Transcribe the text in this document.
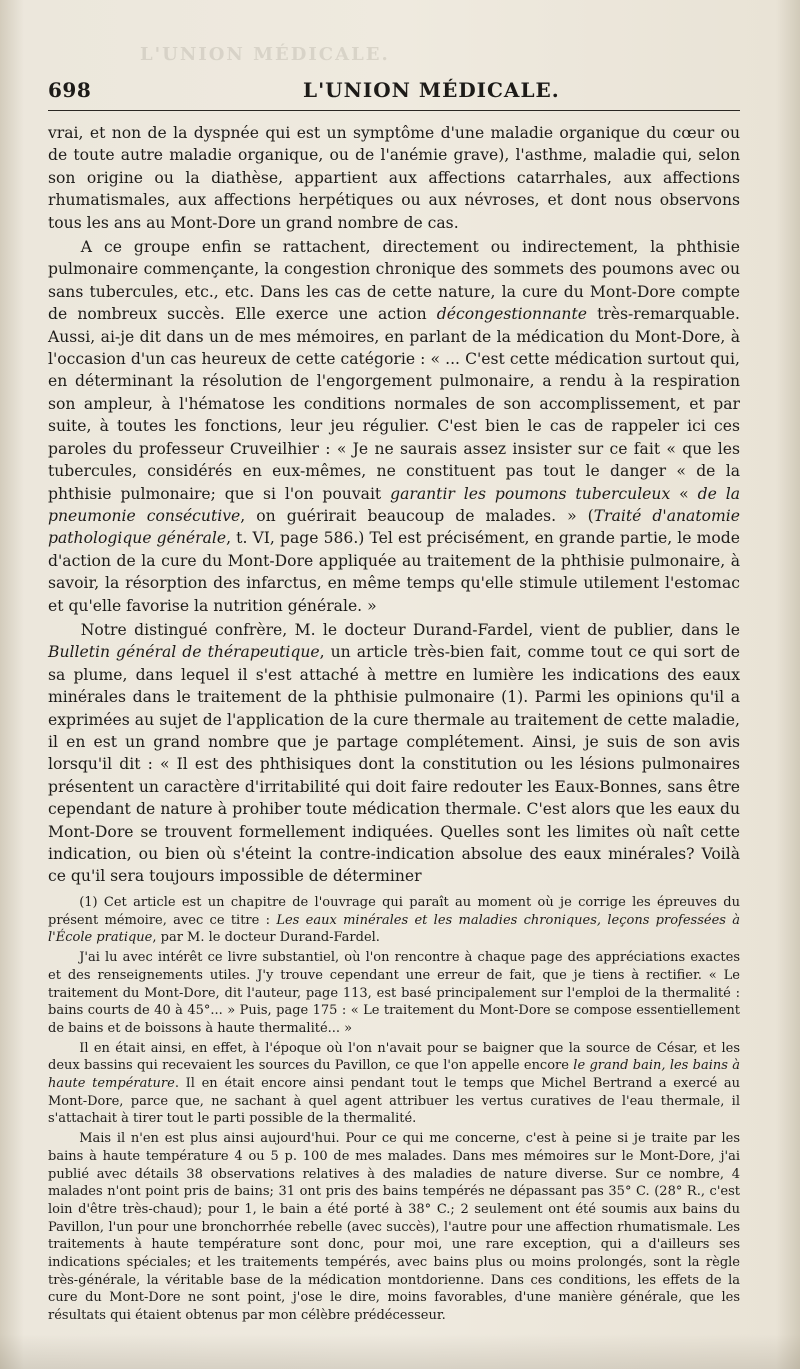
L'UNION MÉDICALE.
698	L'UNION MÉDICALE.

vrai, et non de la dyspnée qui est un symptôme d'une maladie organique du cœur ou de toute autre maladie organique, ou de l'anémie grave), l'asthme, maladie qui, selon son origine ou la diathèse, appartient aux affections catarrhales, aux affections rhumatismales, aux affections herpétiques ou aux névroses, et dont nous observons tous les ans au Mont-Dore un grand nombre de cas.

A ce groupe enfin se rattachent, directement ou indirectement, la phthisie pulmonaire commençante, la congestion chronique des sommets des poumons avec ou sans tubercules, etc., etc. Dans les cas de cette nature, la cure du Mont-Dore compte de nombreux succès. Elle exerce une action décongestionnante très-remarquable. Aussi, ai-je dit dans un de mes mémoires, en parlant de la médication du Mont-Dore, à l'occasion d'un cas heureux de cette catégorie : « ... C'est cette médication surtout qui, en déterminant la résolution de l'engorgement pulmonaire, a rendu à la respiration son ampleur, à l'hématose les conditions normales de son accomplissement, et par suite, à toutes les fonctions, leur jeu régulier. C'est bien le cas de rappeler ici ces paroles du professeur Cruveilhier : « Je ne saurais assez insister sur ce fait « que les tubercules, considérés en eux-mêmes, ne constituent pas tout le danger « de la phthisie pulmonaire; que si l'on pouvait garantir les poumons tuberculeux « de la pneumonie consécutive, on guérirait beaucoup de malades. » (Traité d'anatomie pathologique générale, t. VI, page 586.) Tel est précisément, en grande partie, le mode d'action de la cure du Mont-Dore appliquée au traitement de la phthisie pulmonaire, à savoir, la résorption des infarctus, en même temps qu'elle stimule utilement l'estomac et qu'elle favorise la nutrition générale. »

Notre distingué confrère, M. le docteur Durand-Fardel, vient de publier, dans le Bulletin général de thérapeutique, un article très-bien fait, comme tout ce qui sort de sa plume, dans lequel il s'est attaché à mettre en lumière les indications des eaux minérales dans le traitement de la phthisie pulmonaire (1). Parmi les opinions qu'il a exprimées au sujet de l'application de la cure thermale au traitement de cette maladie, il en est un grand nombre que je partage complétement. Ainsi, je suis de son avis lorsqu'il dit : « Il est des phthisiques dont la constitution ou les lésions pulmonaires présentent un caractère d'irritabilité qui doit faire redouter les Eaux-Bonnes, sans être cependant de nature à prohiber toute médication thermale. C'est alors que les eaux du Mont-Dore se trouvent formellement indiquées. Quelles sont les limites où naît cette indication, ou bien où s'éteint la contre-indication absolue des eaux minérales? Voilà ce qu'il sera toujours impossible de déterminer

(1) Cet article est un chapitre de l'ouvrage qui paraît au moment où je corrige les épreuves du présent mémoire, avec ce titre : Les eaux minérales et les maladies chroniques, leçons professées à l'École pratique, par M. le docteur Durand-Fardel.

J'ai lu avec intérêt ce livre substantiel, où l'on rencontre à chaque page des appréciations exactes et des renseignements utiles. J'y trouve cependant une erreur de fait, que je tiens à rectifier. « Le traitement du Mont-Dore, dit l'auteur, page 113, est basé principalement sur l'emploi de la thermalité : bains courts de 40 à 45°... » Puis, page 175 : « Le traitement du Mont-Dore se compose essentiellement de bains et de boissons à haute thermalité... »

Il en était ainsi, en effet, à l'époque où l'on n'avait pour se baigner que la source de César, et les deux bassins qui recevaient les sources du Pavillon, ce que l'on appelle encore le grand bain, les bains à haute température. Il en était encore ainsi pendant tout le temps que Michel Bertrand a exercé au Mont-Dore, parce que, ne sachant à quel agent attribuer les vertus curatives de l'eau thermale, il s'attachait à tirer tout le parti possible de la thermalité.

Mais il n'en est plus ainsi aujourd'hui. Pour ce qui me concerne, c'est à peine si je traite par les bains à haute température 4 ou 5 p. 100 de mes malades. Dans mes mémoires sur le Mont-Dore, j'ai publié avec détails 38 observations relatives à des maladies de nature diverse. Sur ce nombre, 4 malades n'ont point pris de bains; 31 ont pris des bains tempérés ne dépassant pas 35° C. (28° R., c'est loin d'être très-chaud); pour 1, le bain a été porté à 38° C.; 2 seulement ont été soumis aux bains du Pavillon, l'un pour une bronchorrhée rebelle (avec succès), l'autre pour une affection rhumatismale. Les traitements à haute température sont donc, pour moi, une rare exception, qui a d'ailleurs ses indications spéciales; et les traitements tempérés, avec bains plus ou moins prolongés, sont la règle très-générale, la véritable base de la médication montdorienne. Dans ces conditions, les effets de la cure du Mont-Dore ne sont point, j'ose le dire, moins favorables, d'une manière générale, que les résultats qui étaient obtenus par mon célèbre prédécesseur.
